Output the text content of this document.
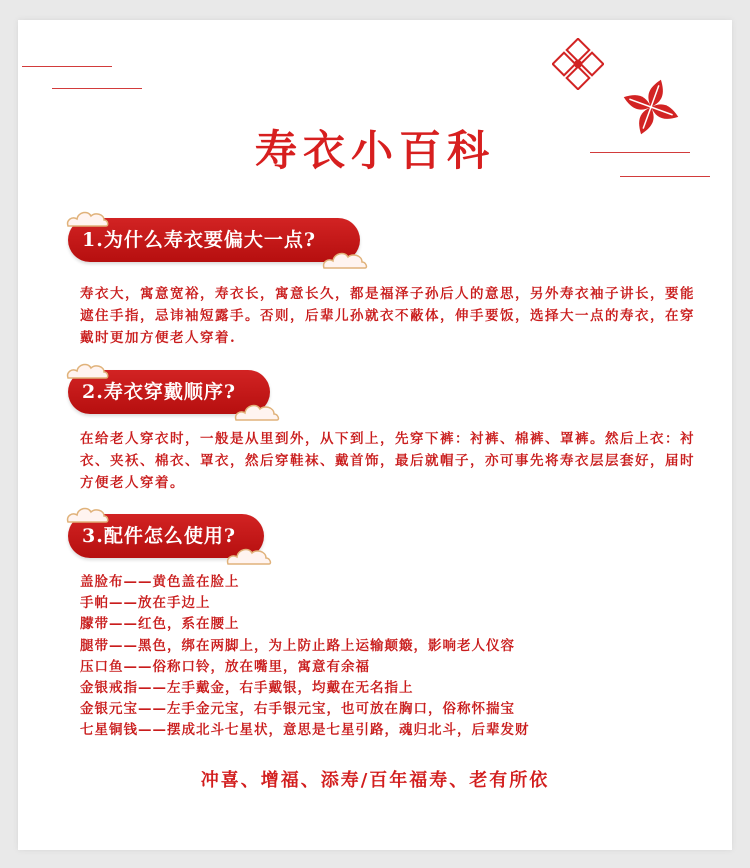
寿衣小百科
1.为什么寿衣要偏大一点?
寿衣大，寓意宽裕，寿衣长，寓意长久，都是福泽子孙后人的意思，另外寿衣袖子讲长，要能遮住手指，忌讳袖短露手。否则，后辈儿孙就衣不蔽体，伸手要饭，选择大一点的寿衣，在穿戴时更加方便老人穿着.
2.寿衣穿戴顺序?
在给老人穿衣时，一般是从里到外，从下到上，先穿下裤：衬裤、棉裤、罩裤。然后上衣：衬衣、夹袄、棉衣、罩衣，然后穿鞋袜、戴首饰，最后就帽子，亦可事先将寿衣层层套好，届时方便老人穿着。
3.配件怎么使用?
盖脸布——黄色盖在脸上
手帕——放在手边上
朦带——红色，系在腰上
腿带——黑色，绑在两脚上，为上防止路上运输颠簸，影响老人仪容
压口鱼——俗称口铃，放在嘴里，寓意有余福
金银戒指——左手戴金，右手戴银，均戴在无名指上
金银元宝——左手金元宝，右手银元宝，也可放在胸口，俗称怀揣宝
七星铜钱——摆成北斗七星状，意思是七星引路，魂归北斗，后辈发财
冲喜、增福、添寿/百年福寿、老有所依
